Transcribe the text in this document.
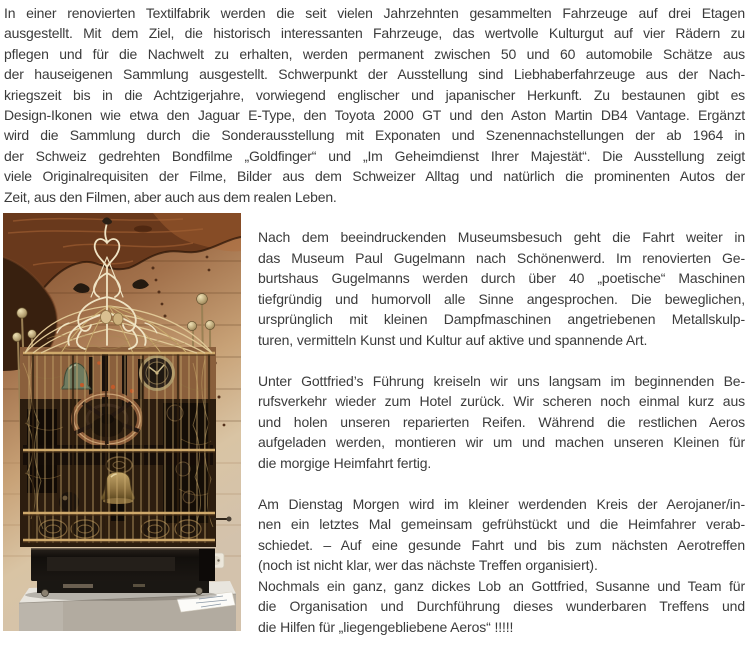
In einer renovierten Textilfabrik werden die seit vielen Jahrzehnten gesammelten Fahrzeuge auf drei Etagen
ausgestellt. Mit dem Ziel, die historisch interessanten Fahrzeuge, das wertvolle Kulturgut auf vier Rädern zu
pflegen und für die Nachwelt zu erhalten, werden permanent zwischen 50 und 60 automobile Schätze aus
der hauseigenen Sammlung ausgestellt. Schwerpunkt der Ausstellung sind Liebhaberfahrzeuge aus der Nach-
kriegszeit bis in die Achtzigerjahre, vorwiegend englischer und japanischer Herkunft. Zu bestaunen gibt es
Design-Ikonen wie etwa den Jaguar E-Type, den Toyota 2000 GT und den Aston Martin DB4 Vantage. Ergänzt
wird die Sammlung durch die Sonderausstellung mit Exponaten und Szenennachstellungen der ab 1964 in
der Schweiz gedrehten Bondfilme „Goldfinger“ und „Im Geheimdienst Ihrer Majestät“. Die Ausstellung zeigt
viele Originalrequisiten der Filme, Bilder aus dem Schweizer Alltag und natürlich die prominenten Autos der
Zeit, aus den Filmen, aber auch aus dem realen Leben.
Nach dem beeindruckenden Museumsbesuch geht die Fahrt weiter in
das Museum Paul Gugelmann nach Schönenwerd. Im renovierten Ge-
burtshaus Gugelmanns werden durch über 40 „poetische“ Maschinen
tiefgründig und humorvoll alle Sinne angesprochen. Die beweglichen,
ursprünglich mit kleinen Dampfmaschinen angetriebenen Metallskulp-
turen, vermitteln Kunst und Kultur auf aktive und spannende Art.
Unter Gottfried’s Führung kreiseln wir uns langsam im beginnenden Be-
rufsverkehr wieder zum Hotel zurück. Wir scheren noch einmal kurz aus
und holen unseren reparierten Reifen. Während die restlichen Aeros
aufgeladen werden, montieren wir um und machen unseren Kleinen für
die morgige Heimfahrt fertig.
Am Dienstag Morgen wird im kleiner werdenden Kreis der Aerojaner/in-
nen ein letztes Mal gemeinsam gefrühstückt und die Heimfahrer verab-
schiedet. – Auf eine gesunde Fahrt und bis zum nächsten Aerotreffen
(noch ist nicht klar, wer das nächste Treffen organisiert).
Nochmals ein ganz, ganz dickes Lob an Gottfried, Susanne und Team für
die Organisation und Durchführung dieses wunderbaren Treffens und
die Hilfen für „liegengebliebene Aeros“ !!!!!
